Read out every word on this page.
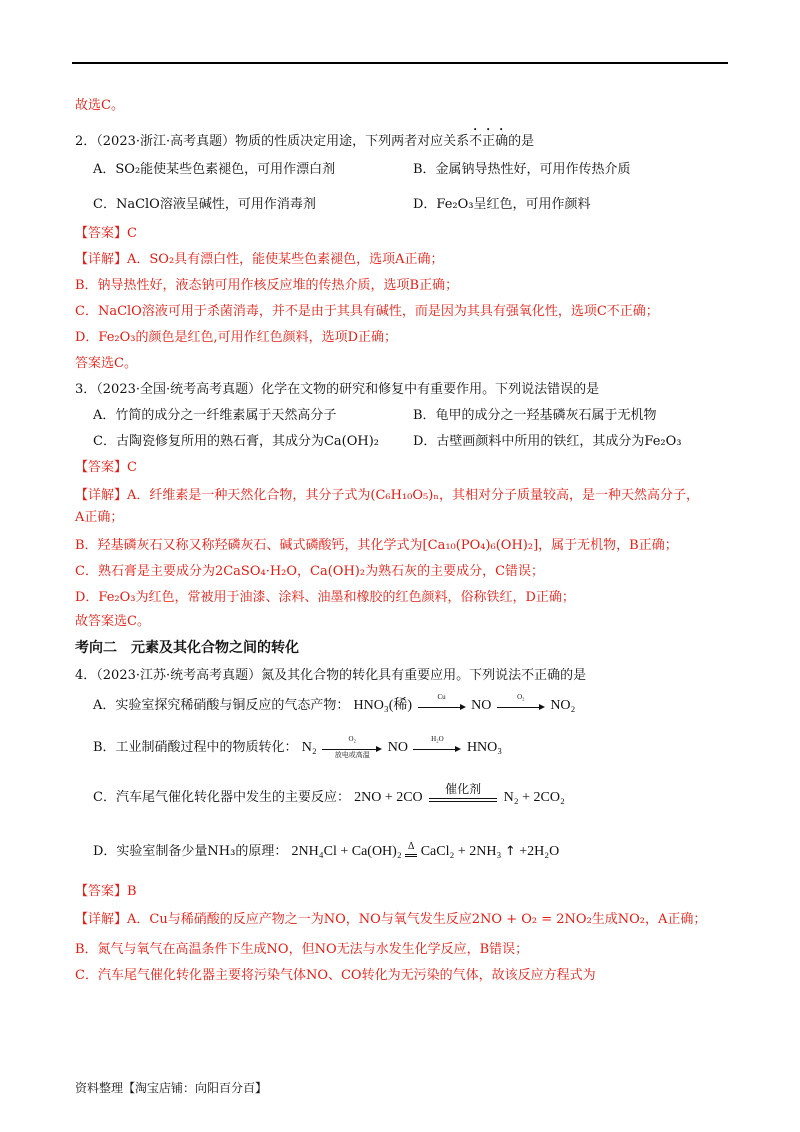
故选C。
2．（2023·浙江·高考真题）物质的性质决定用途，下列两者对应关系不正确的是
A．SO₂能使某些色素褪色，可用作漂白剂	B．金属钠导热性好，可用作传热介质
C．NaClO溶液呈碱性，可用作消毒剂	D．Fe₂O₃呈红色，可用作颜料
【答案】C
【详解】A．SO₂具有漂白性，能使某些色素褪色，选项A正确；
B．钠导热性好，液态钠可用作核反应堆的传热介质，选项B正确；
C．NaClO溶液可用于杀菌消毒，并不是由于其具有碱性，而是因为其具有强氧化性，选项C不正确；
D．Fe₂O₃的颜色是红色,可用作红色颜料，选项D正确；
答案选C。
3．（2023·全国·统考高考真题）化学在文物的研究和修复中有重要作用。下列说法错误的是
A．竹简的成分之一纤维素属于天然高分子	B．龟甲的成分之一羟基磷灰石属于无机物
C．古陶瓷修复所用的熟石膏，其成分为Ca(OH)₂	D．古壁画颜料中所用的铁红，其成分为Fe₂O₃
【答案】C
【详解】A．纤维素是一种天然化合物，其分子式为(C₆H₁₀O₅)ₙ，其相对分子质量较高，是一种天然高分子，
A正确；
B．羟基磷灰石又称又称羟磷灰石、碱式磷酸钙，其化学式为[Ca₁₀(PO₄)₆(OH)₂]，属于无机物，B正确；
C．熟石膏是主要成分为2CaSO₄·H₂O，Ca(OH)₂为熟石灰的主要成分，C错误；
D．Fe₂O₃为红色，常被用于油漆、涂料、油墨和橡胶的红色颜料，俗称铁红，D正确；
故答案选C。
考向二　元素及其化合物之间的转化
4．（2023·江苏·统考高考真题）氮及其化合物的转化具有重要应用。下列说法不正确的是
A．实验室探究稀硝酸与铜反应的气态产物： HNO₃(稀)
Cu
NO
O₂
NO₂
B．工业制硝酸过程中的物质转化： N₂
O₂
放电或高温	NO
H₂O
HNO₃
C．汽车尾气催化转化器中发生的主要反应： 2NO + 2CO
催化剂
N₂ + 2CO₂
D．实验室制备少量NH₃的原理： 2NH₄Cl + Ca(OH)₂ Δ CaCl₂ + 2NH₃ ↑ +2H₂O
【答案】B
【详解】A．Cu与稀硝酸的反应产物之一为NO，NO与氧气发生反应2NO + O₂ = 2NO₂生成NO₂，A正确；
B．氮气与氧气在高温条件下生成NO，但NO无法与水发生化学反应，B错误；
C．汽车尾气催化转化器主要将污染气体NO、CO转化为无污染的气体，故该反应方程式为
资料整理【淘宝店铺：向阳百分百】
